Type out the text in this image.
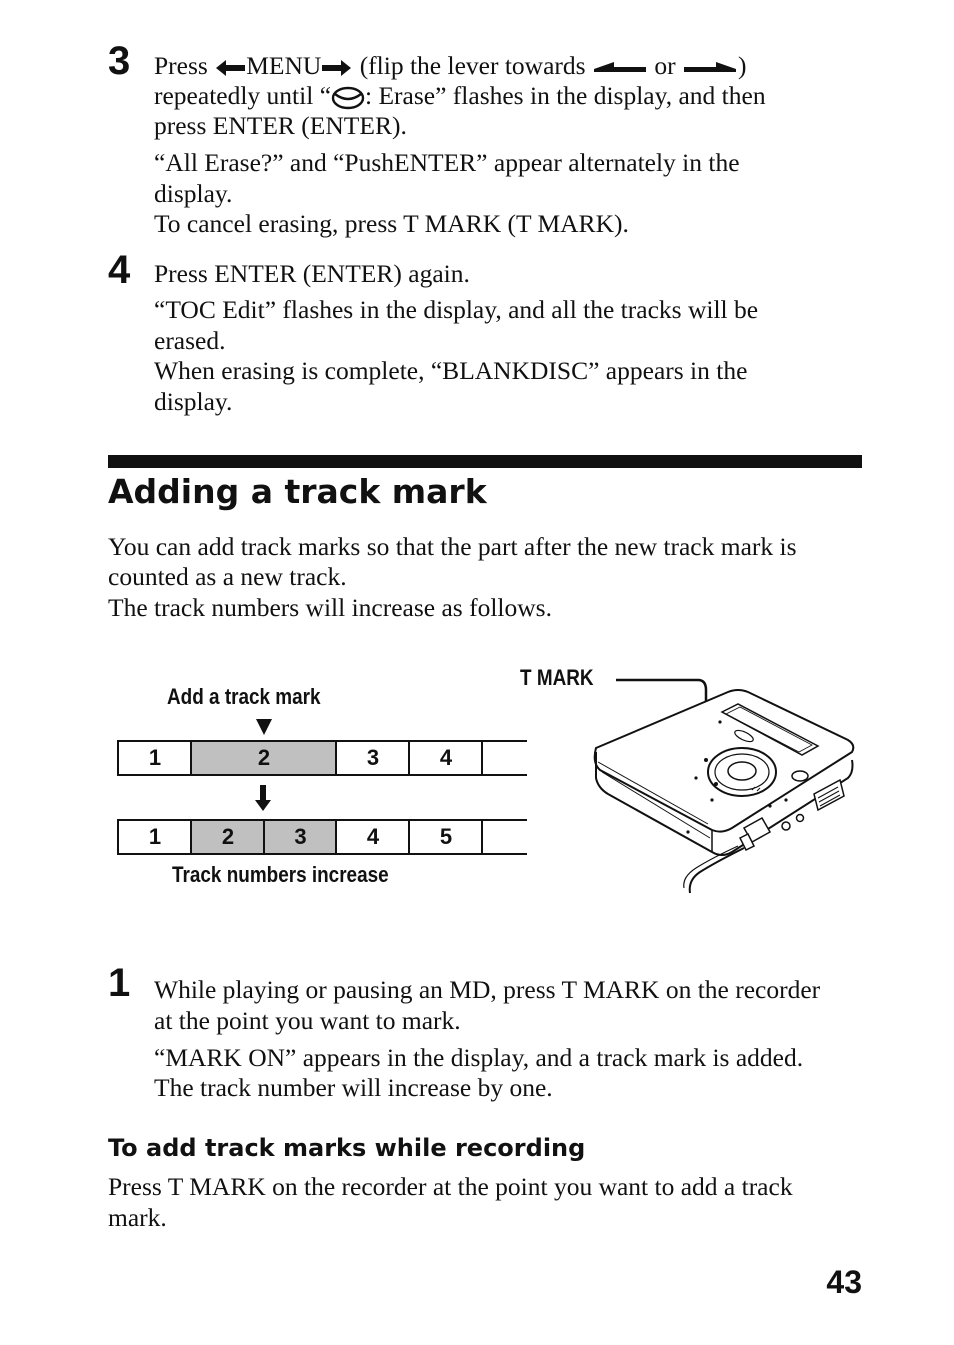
3 Press MENU (flip the lever towards	or )
repeatedly until “ : Erase” flashes in the display, and then
press ENTER (ENTER).
“All Erase?” and “PushENTER” appear alternately in the
display.
To cancel erasing, press T MARK (T MARK).
4 Press ENTER (ENTER) again.
“TOC Edit” flashes in the display, and all the tracks will be
erased.
When erasing is complete, “BLANKDISC” appears in the
display.
Adding a track mark
You can add track marks so that the part after the new track mark is
counted as a new track.
The track numbers will increase as follows.
Add a track mark
1	2	3	4
1	2	3	4	5
Track numbers increase
T MARK
1 While playing or pausing an MD, press T MARK on the recorder
at the point you want to mark.
“MARK ON” appears in the display, and a track mark is added.
The track number will increase by one.
To add track marks while recording
Press T MARK on the recorder at the point you want to add a track
mark.
43
